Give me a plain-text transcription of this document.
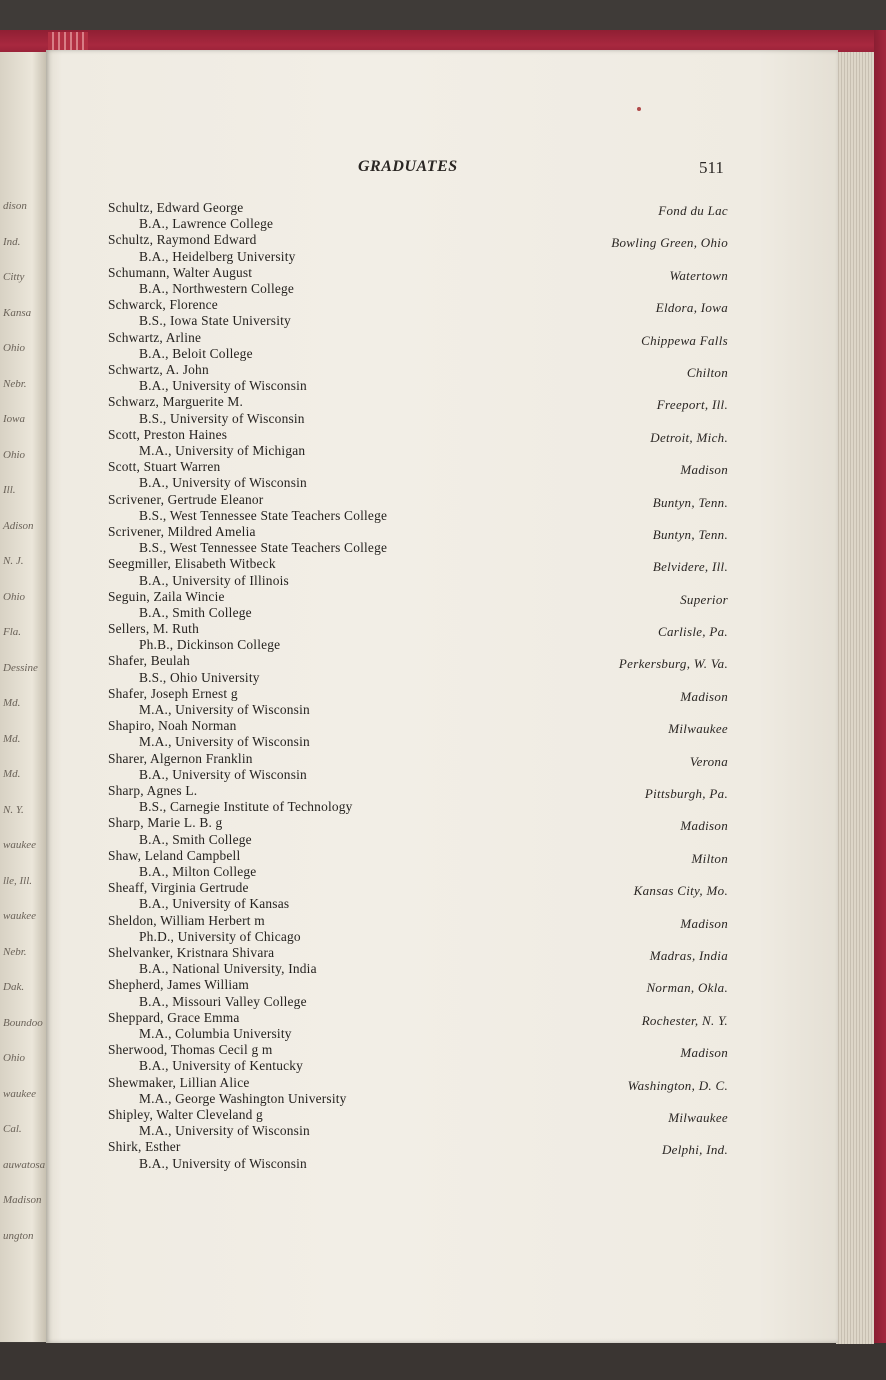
dison
Ind.
Citty
Kansa
Ohio
Nebr.
Iowa
Ohio
Ill.
Adison
N. J.
Ohio
Fla.
Dessine
Md.
Md.
Md.
N. Y.
waukee
lle, Ill.
waukee
Nebr.
Dak.
Boundoo
Ohio
waukee
Cal.
auwatosa
Madison
ungton
GRADUATES	511
Schultz, Edward George
B.A., Lawrence College
Fond du Lac
Schultz, Raymond Edward
B.A., Heidelberg University
Bowling Green, Ohio
Schumann, Walter August
B.A., Northwestern College
Watertown
Schwarck, Florence
B.S., Iowa State University
Eldora, Iowa
Schwartz, Arline
B.A., Beloit College
Chippewa Falls
Schwartz, A. John
B.A., University of Wisconsin
Chilton
Schwarz, Marguerite M.
B.S., University of Wisconsin
Freeport, Ill.
Scott, Preston Haines
M.A., University of Michigan
Detroit, Mich.
Scott, Stuart Warren
B.A., University of Wisconsin
Madison
Scrivener, Gertrude Eleanor
B.S., West Tennessee State Teachers College
Buntyn, Tenn.
Scrivener, Mildred Amelia
B.S., West Tennessee State Teachers College
Buntyn, Tenn.
Seegmiller, Elisabeth Witbeck
B.A., University of Illinois
Belvidere, Ill.
Seguin, Zaila Wincie
B.A., Smith College
Superior
Sellers, M. Ruth
Ph.B., Dickinson College
Carlisle, Pa.
Shafer, Beulah
B.S., Ohio University
Perkersburg, W. Va.
Shafer, Joseph Ernest g
M.A., University of Wisconsin
Madison
Shapiro, Noah Norman
M.A., University of Wisconsin
Milwaukee
Sharer, Algernon Franklin
B.A., University of Wisconsin
Verona
Sharp, Agnes L.
B.S., Carnegie Institute of Technology
Pittsburgh, Pa.
Sharp, Marie L. B. g
B.A., Smith College
Madison
Shaw, Leland Campbell
B.A., Milton College
Milton
Sheaff, Virginia Gertrude
B.A., University of Kansas
Kansas City, Mo.
Sheldon, William Herbert m
Ph.D., University of Chicago
Madison
Shelvanker, Kristnara Shivara
B.A., National University, India
Madras, India
Shepherd, James William
B.A., Missouri Valley College
Norman, Okla.
Sheppard, Grace Emma
M.A., Columbia University
Rochester, N. Y.
Sherwood, Thomas Cecil g m
B.A., University of Kentucky
Madison
Shewmaker, Lillian Alice
M.A., George Washington University
Washington, D. C.
Shipley, Walter Cleveland g
M.A., University of Wisconsin
Milwaukee
Shirk, Esther
B.A., University of Wisconsin
Delphi, Ind.
